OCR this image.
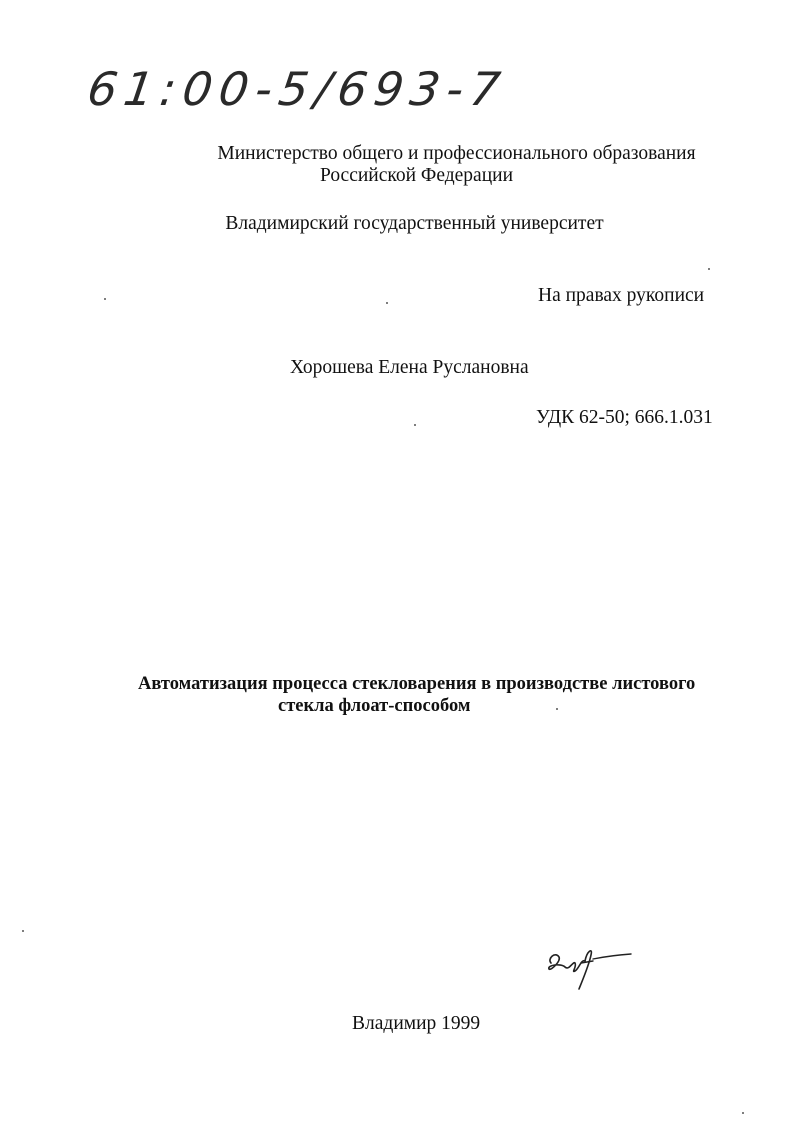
61:00-5/693-7
Министерство общего и профессионального образования
Российской Федерации
Владимирский государственный университет
На правах рукописи
Хорошева Елена Руслановна
УДК 62-50; 666.1.031
Автоматизация процесса стекловарения в производстве листового
стекла флоат-способом
Владимир 1999
